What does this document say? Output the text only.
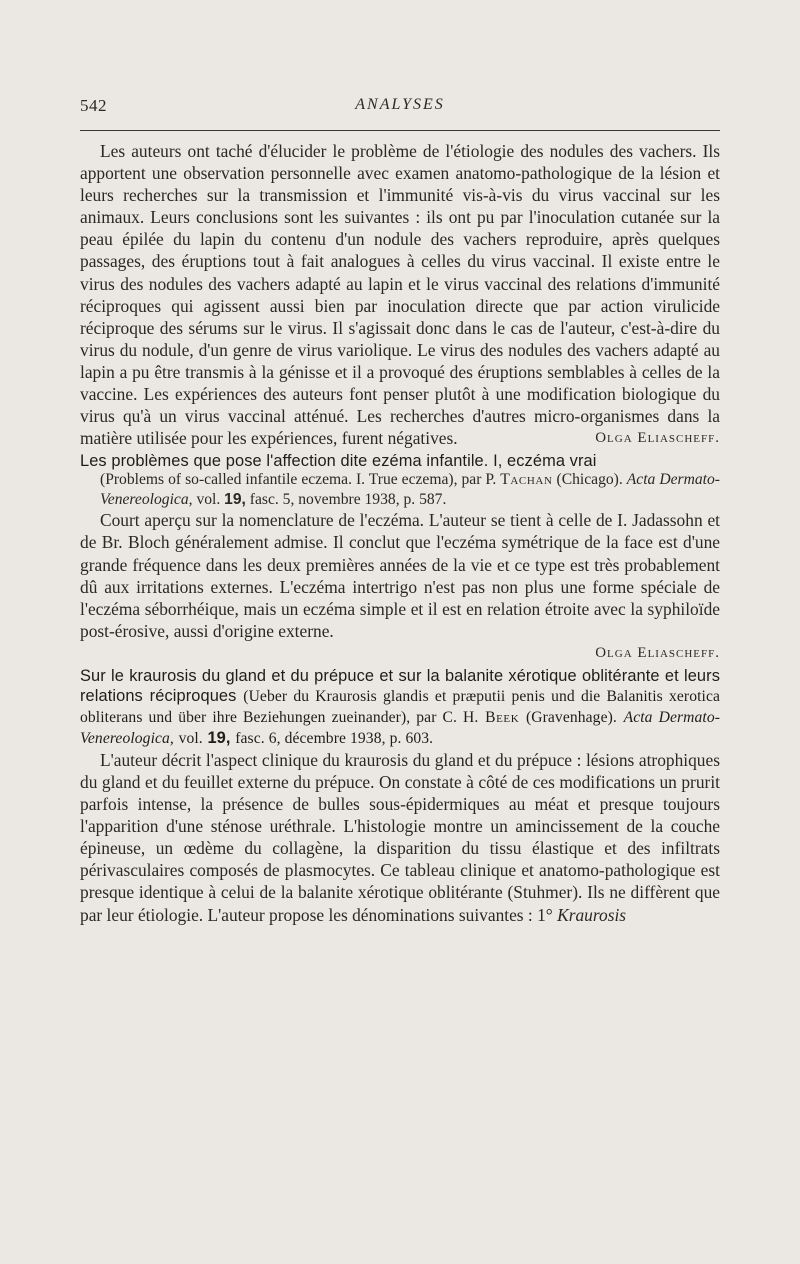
542	ANALYSES

Les auteurs ont taché d'élucider le problème de l'étiologie des nodules des vachers. Ils apportent une observation personnelle avec examen anatomo-pathologique de la lésion et leurs recherches sur la transmission et l'immunité vis-à-vis du virus vaccinal sur les animaux. Leurs conclusions sont les suivantes : ils ont pu par l'inoculation cutanée sur la peau épilée du lapin du contenu d'un nodule des vachers reproduire, après quelques passages, des éruptions tout à fait analogues à celles du virus vaccinal. Il existe entre le virus des nodules des vachers adapté au lapin et le virus vaccinal des relations d'immunité réciproques qui agissent aussi bien par inoculation directe que par action virulicide réciproque des sérums sur le virus. Il s'agissait donc dans le cas de l'auteur, c'est-à-dire du virus du nodule, d'un genre de virus variolique. Le virus des nodules des vachers adapté au lapin a pu être transmis à la génisse et il a provoqué des éruptions semblables à celles de la vaccine. Les expériences des auteurs font penser plutôt à une modification biologique du virus qu'à un virus vaccinal atténué. Les recherches d'autres micro-organismes dans la matière utilisée pour les expériences, furent négatives.	Olga Eliascheff.
Les problèmes que pose l'affection dite ezéma infantile. I, eczéma vrai
(Problems of so-called infantile eczema. I. True eczema), par P. Tachan (Chicago). Acta Dermato-Venereologica, vol. 19, fasc. 5, novembre 1938, p. 587.

Court aperçu sur la nomenclature de l'eczéma. L'auteur se tient à celle de I. Jadassohn et de Br. Bloch généralement admise. Il conclut que l'eczéma symétrique de la face est d'une grande fréquence dans les deux premières années de la vie et ce type est très probablement dû aux irritations externes. L'eczéma intertrigo n'est pas non plus une forme spéciale de l'eczéma séborrhéique, mais un eczéma simple et il est en relation étroite avec la syphiloïde post-érosive, aussi d'origine externe.

Olga Eliascheff.
Sur le kraurosis du gland et du prépuce et sur la balanite xérotique oblitérante et leurs relations réciproques (Ueber du Kraurosis glandis et præputii penis und die Balanitis xerotica obliterans und über ihre Beziehungen zueinander), par C. H. Beek (Gravenhage). Acta Dermato-Venereologica, vol. 19, fasc. 6, décembre 1938, p. 603.

L'auteur décrit l'aspect clinique du kraurosis du gland et du prépuce : lésions atrophiques du gland et du feuillet externe du prépuce. On constate à côté de ces modifications un prurit parfois intense, la présence de bulles sous-épidermiques au méat et presque toujours l'apparition d'une sténose uréthrale. L'histologie montre un amincissement de la couche épineuse, un œdème du collagène, la disparition du tissu élastique et des infiltrats périvasculaires composés de plasmocytes. Ce tableau clinique et anatomo-pathologique est presque identique à celui de la balanite xérotique oblitérante (Stuhmer). Ils ne diffèrent que par leur étiologie. L'auteur propose les dénominations suivantes : 1° Kraurosis
